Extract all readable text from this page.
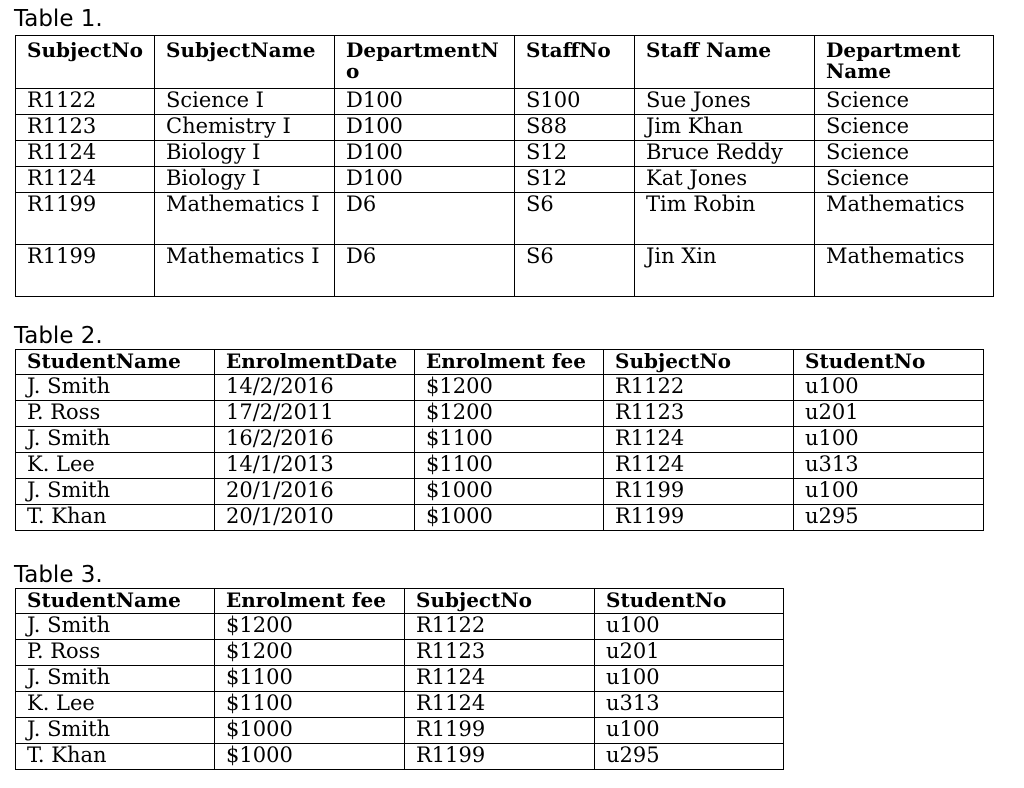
Table 1.
SubjectNo	SubjectName	DepartmentNo	StaffNo	Staff Name	Department Name
R1122	Science I	D100	S100	Sue Jones	Science
R1123	Chemistry I	D100	S88	Jim Khan	Science
R1124	Biology I	D100	S12	Bruce Reddy	Science
R1124	Biology I	D100	S12	Kat Jones	Science
R1199	Mathematics I	D6	S6	Tim Robin	Mathematics
R1199	Mathematics I	D6	S6	Jin Xin	Mathematics
Table 2.
StudentName	EnrolmentDate	Enrolment fee	SubjectNo	StudentNo
J. Smith	14/2/2016	$1200	R1122	u100
P. Ross	17/2/2011	$1200	R1123	u201
J. Smith	16/2/2016	$1100	R1124	u100
K. Lee	14/1/2013	$1100	R1124	u313
J. Smith	20/1/2016	$1000	R1199	u100
T. Khan	20/1/2010	$1000	R1199	u295
Table 3.
StudentName	Enrolment fee	SubjectNo	StudentNo
J. Smith	$1200	R1122	u100
P. Ross	$1200	R1123	u201
J. Smith	$1100	R1124	u100
K. Lee	$1100	R1124	u313
J. Smith	$1000	R1199	u100
T. Khan	$1000	R1199	u295
